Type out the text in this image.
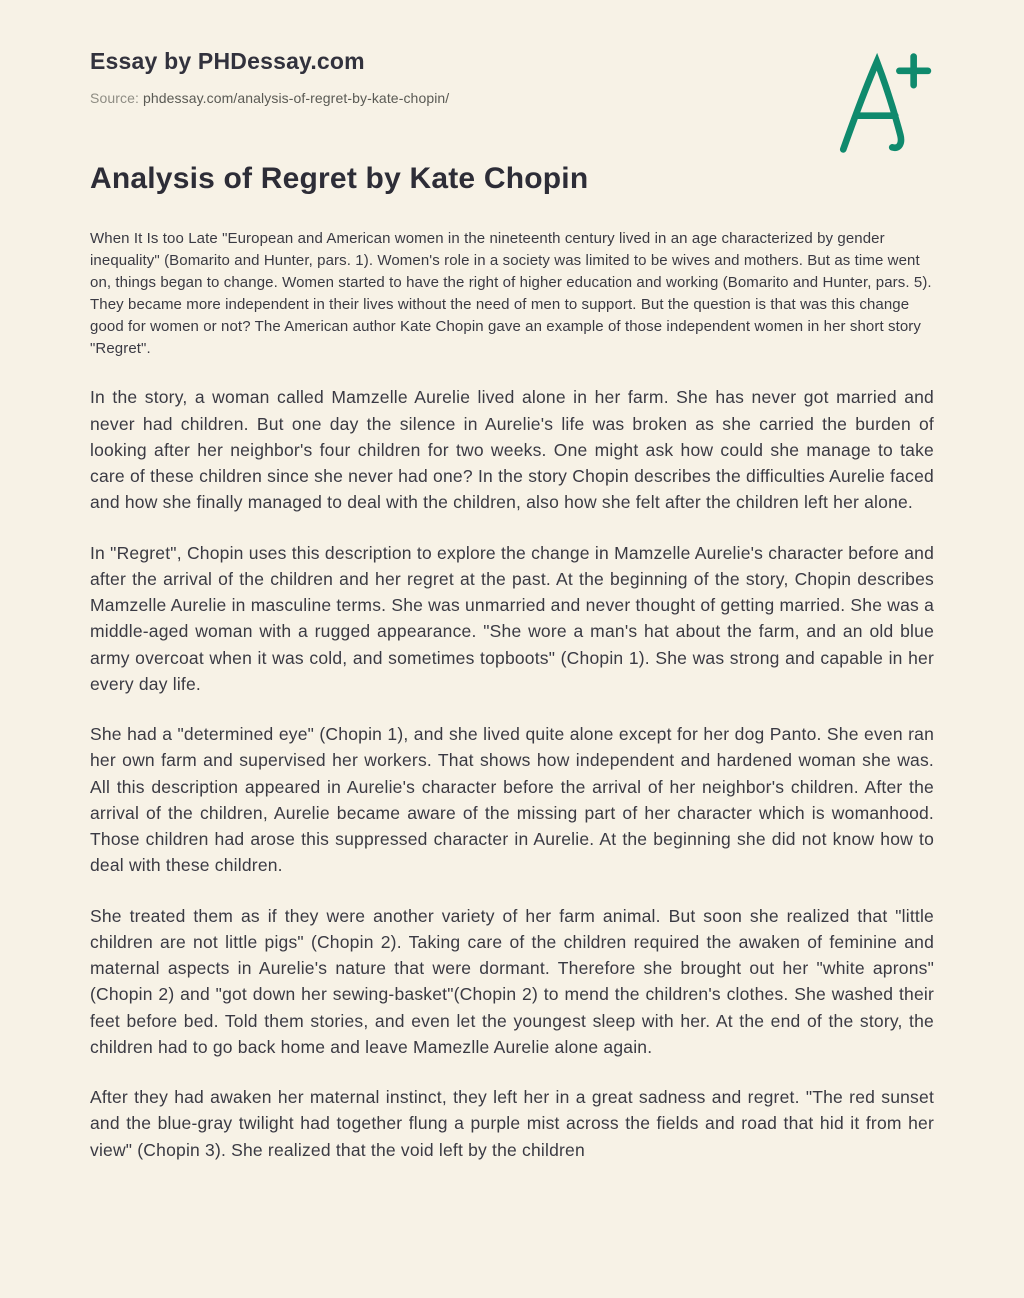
Essay by PHDessay.com
Source: phdessay.com/analysis-of-regret-by-kate-chopin/
Analysis of Regret by Kate Chopin

When It Is too Late "European and American women in the nineteenth century lived in an age characterized by gender inequality" (Bomarito and Hunter, pars. 1). Women's role in a society was limited to be wives and mothers. But as time went on, things began to change. Women started to have the right of higher education and working (Bomarito and Hunter, pars. 5). They became more independent in their lives without the need of men to support. But the question is that was this change good for women or not? The American author Kate Chopin gave an example of those independent women in her short story "Regret".

In the story, a woman called Mamzelle Aurelie lived alone in her farm. She has never got married and never had children. But one day the silence in Aurelie's life was broken as she carried the burden of looking after her neighbor's four children for two weeks. One might ask how could she manage to take care of these children since she never had one? In the story Chopin describes the difficulties Aurelie faced and how she finally managed to deal with the children, also how she felt after the children left her alone.

In "Regret", Chopin uses this description to explore the change in Mamzelle Aurelie's character before and after the arrival of the children and her regret at the past. At the beginning of the story, Chopin describes Mamzelle Aurelie in masculine terms. She was unmarried and never thought of getting married. She was a middle-aged woman with a rugged appearance. "She wore a man's hat about the farm, and an old blue army overcoat when it was cold, and sometimes topboots" (Chopin 1). She was strong and capable in her every day life.

She had a "determined eye" (Chopin 1), and she lived quite alone except for her dog Panto. She even ran her own farm and supervised her workers. That shows how independent and hardened woman she was. All this description appeared in Aurelie's character before the arrival of her neighbor's children. After the arrival of the children, Aurelie became aware of the missing part of her character which is womanhood. Those children had arose this suppressed character in Aurelie. At the beginning she did not know how to deal with these children.

She treated them as if they were another variety of her farm animal. But soon she realized that "little children are not little pigs" (Chopin 2). Taking care of the children required the awaken of feminine and maternal aspects in Aurelie's nature that were dormant. Therefore she brought out her "white aprons" (Chopin 2) and "got down her sewing-basket"(Chopin 2) to mend the children's clothes. She washed their feet before bed. Told them stories, and even let the youngest sleep with her. At the end of the story, the children had to go back home and leave Mamezlle Aurelie alone again.

After they had awaken her maternal instinct, they left her in a great sadness and regret. "The red sunset and the blue-gray twilight had together flung a purple mist across the fields and road that hid it from her view" (Chopin 3). She realized that the void left by the children
